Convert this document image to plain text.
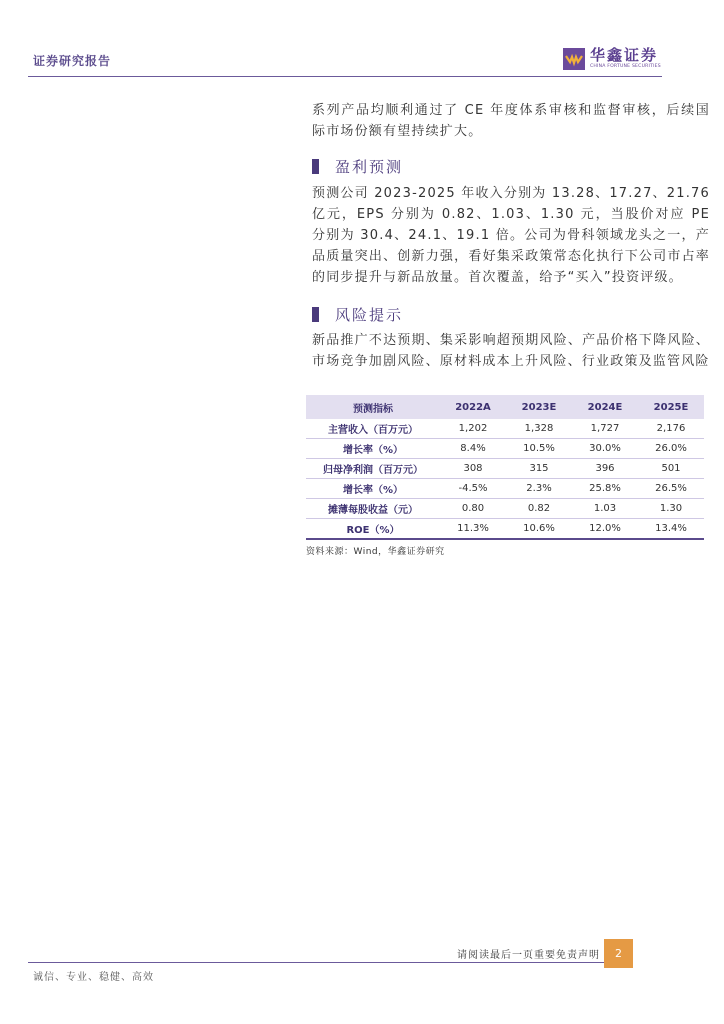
证券研究报告	华鑫证券
CHINA FORTUNE SECURITIES

系列产品均顺利通过了 CE 年度体系审核和监督审核，后续国际市场份额有望持续扩大。

盈利预测

预测公司 2023-2025 年收入分别为 13.28、17.27、21.76 亿元，EPS 分别为 0.82、1.03、1.30 元，当股价对应 PE 分别为 30.4、24.1、19.1 倍。公司为骨科领域龙头之一，产品质量突出、创新力强，看好集采政策常态化执行下公司市占率的同步提升与新品放量。首次覆盖，给予“买入”投资评级。

风险提示

新品推广不达预期、集采影响超预期风险、产品价格下降风险、市场竞争加剧风险、原材料成本上升风险、行业政策及监管风险

预测指标	2022A	2023E	2024E	2025E
主营收入（百万元）	1,202	1,328	1,727	2,176
增长率（%）	8.4%	10.5%	30.0%	26.0%
归母净利润（百万元）	308	315	396	501
增长率（%）	-4.5%	2.3%	25.8%	26.5%
摊薄每股收益（元）	0.80	0.82	1.03	1.30
ROE（%）	11.3%	10.6%	12.0%	13.4%
资料来源：Wind，华鑫证券研究
请阅读最后一页重要免责声明	2
诚信、专业、稳健、高效
